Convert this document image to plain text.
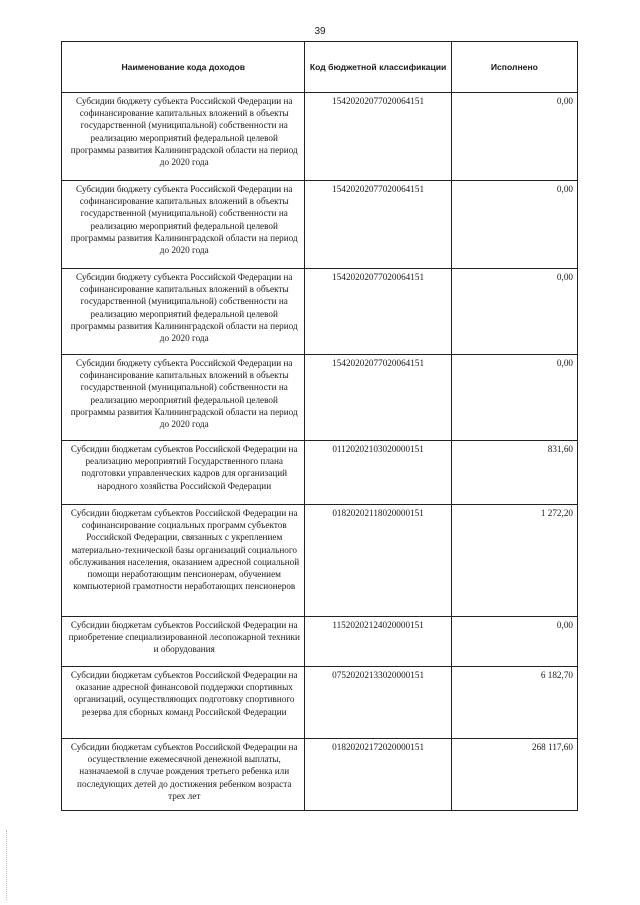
39
Наименование кода доходов	Код бюджетной классификации	Исполнено
Субсидии бюджету субъекта Российской Федерации на софинансирование капитальных вложений в объекты государственной (муниципальной) собственности на реализацию мероприятий федеральной целевой программы развития Калининградской области на период до 2020 года	15420202077020064151	0,00
Субсидии бюджету субъекта Российской Федерации на софинансирование капитальных вложений в объекты государственной (муниципальной) собственности на реализацию мероприятий федеральной целевой программы развития Калининградской области на период до 2020 года	15420202077020064151	0,00
Субсидии бюджету субъекта Российской Федерации на софинансирование капитальных вложений в объекты государственной (муниципальной) собственности на реализацию мероприятий федеральной целевой программы развития Калининградской области на период до 2020 года	15420202077020064151	0,00
Субсидии бюджету субъекта Российской Федерации на софинансирование капитальных вложений в объекты государственной (муниципальной) собственности на реализацию мероприятий федеральной целевой программы развития Калининградской области на период до 2020 года	15420202077020064151	0,00
Субсидии бюджетам субъектов Российской Федерации на реализацию мероприятий Государственного плана подготовки управленческих кадров для организаций народного хозяйства Российской Федерации	01120202103020000151	831,60
Субсидии бюджетам субъектов Российской Федерации на софинансирование социальных программ субъектов Российской Федерации, связанных с укреплением материально-технической базы организаций социального обслуживания населения, оказанием адресной социальной помощи неработающим пенсионерам, обучением компьютерной грамотности неработающих пенсионеров	01820202118020000151	1 272,20
Субсидии бюджетам субъектов Российской Федерации на приобретение специализированной лесопожарной техники и оборудования	11520202124020000151	0,00
Субсидии бюджетам субъектов Российской Федерации на оказание адресной финансовой поддержки спортивных организаций, осуществляющих подготовку спортивного резерва для сборных команд Российской Федерации	07520202133020000151	6 182,70
Субсидии бюджетам субъектов Российской Федерации на осуществление ежемесячной денежной выплаты, назначаемой в случае рождения третьего ребенка или последующих детей до достижения ребенком возраста трех лет	01820202172020000151	268 117,60
